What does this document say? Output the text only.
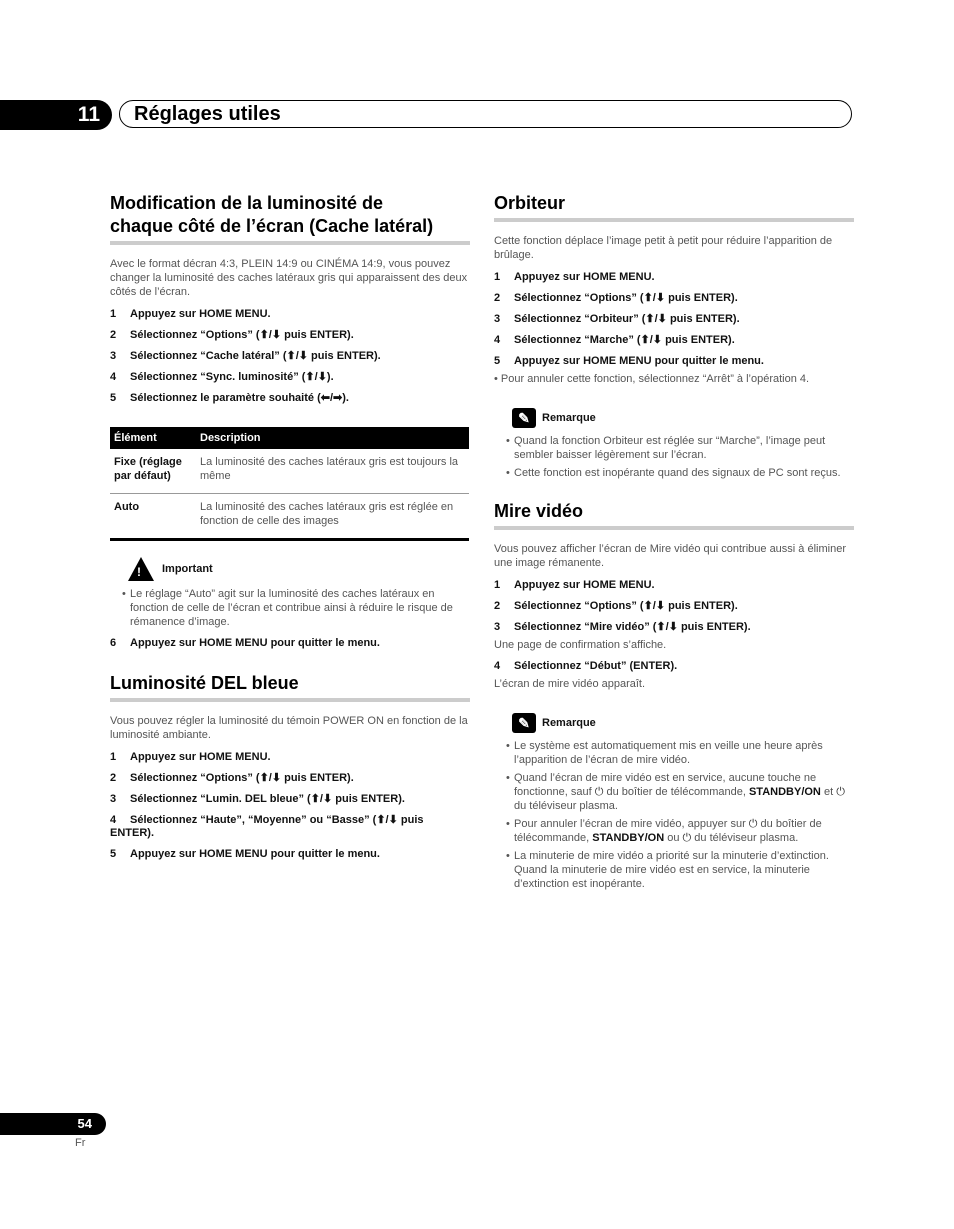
11	Réglages utiles
Modification de la luminosité de
chaque côté de l’écran (Cache latéral)

Avec le format décran 4:3, PLEIN 14:9 ou CINÉMA 14:9, vous pouvez changer la luminosité des caches latéraux gris qui apparaissent des deux côtés de l’écran.

1 Appuyez sur HOME MENU.
2 Sélectionnez “Options” (⬆/⬇ puis ENTER).
3 Sélectionnez “Cache latéral” (⬆/⬇ puis ENTER).
4 Sélectionnez “Sync. luminosité” (⬆/⬇).
5 Sélectionnez le paramètre souhaité (⬅/➡).
Élément	Description
Fixe (réglage par défaut)	La luminosité des caches latéraux gris est toujours la même
Auto	La luminosité des caches latéraux gris est réglée en fonction de celle des images
! Important
• Le réglage “Auto” agit sur la luminosité des caches latéraux en fonction de celle de l’écran et contribue ainsi à réduire le risque de rémanence d’image.
6 Appuyez sur HOME MENU pour quitter le menu.
Luminosité DEL bleue

Vous pouvez régler la luminosité du témoin POWER ON en fonction de la luminosité ambiante.

1 Appuyez sur HOME MENU.
2 Sélectionnez “Options” (⬆/⬇ puis ENTER).
3 Sélectionnez “Lumin. DEL bleue” (⬆/⬇ puis ENTER).
4 Sélectionnez “Haute”, “Moyenne” ou “Basse” (⬆/⬇ puis ENTER).
5 Appuyez sur HOME MENU pour quitter le menu.
Orbiteur

Cette fonction déplace l’image petit à petit pour réduire l’apparition de brûlage.

1 Appuyez sur HOME MENU.
2 Sélectionnez “Options” (⬆/⬇ puis ENTER).
3 Sélectionnez “Orbiteur” (⬆/⬇ puis ENTER).
4 Sélectionnez “Marche” (⬆/⬇ puis ENTER).
5 Appuyez sur HOME MENU pour quitter le menu.

• Pour annuler cette fonction, sélectionnez “Arrêt” à l’opération 4.

✎	Remarque
• Quand la fonction Orbiteur est réglée sur “Marche”, l’image peut sembler baisser légèrement sur l’écran.
• Cette fonction est inopérante quand des signaux de PC sont reçus.
Mire vidéo

Vous pouvez afficher l’écran de Mire vidéo qui contribue aussi à éliminer une image rémanente.

1 Appuyez sur HOME MENU.
2 Sélectionnez “Options” (⬆/⬇ puis ENTER).
3 Sélectionnez “Mire vidéo” (⬆/⬇ puis ENTER).

Une page de confirmation s’affiche.

4 Sélectionnez “Début” (ENTER).

L’écran de mire vidéo apparaît.

✎	Remarque
• Le système est automatiquement mis en veille une heure après l’apparition de l’écran de mire vidéo.
• Quand l’écran de mire vidéo est en service, aucune touche ne fonctionne, sauf ⏻ du boîtier de télécommande, STANDBY/ON et ⏻ du téléviseur plasma.
• Pour annuler l’écran de mire vidéo, appuyer sur ⏻ du boîtier de télécommande, STANDBY/ON ou ⏻ du téléviseur plasma.
• La minuterie de mire vidéo a priorité sur la minuterie d’extinction. Quand la minuterie de mire vidéo est en service, la minuterie d’extinction est inopérante.
54
Fr
